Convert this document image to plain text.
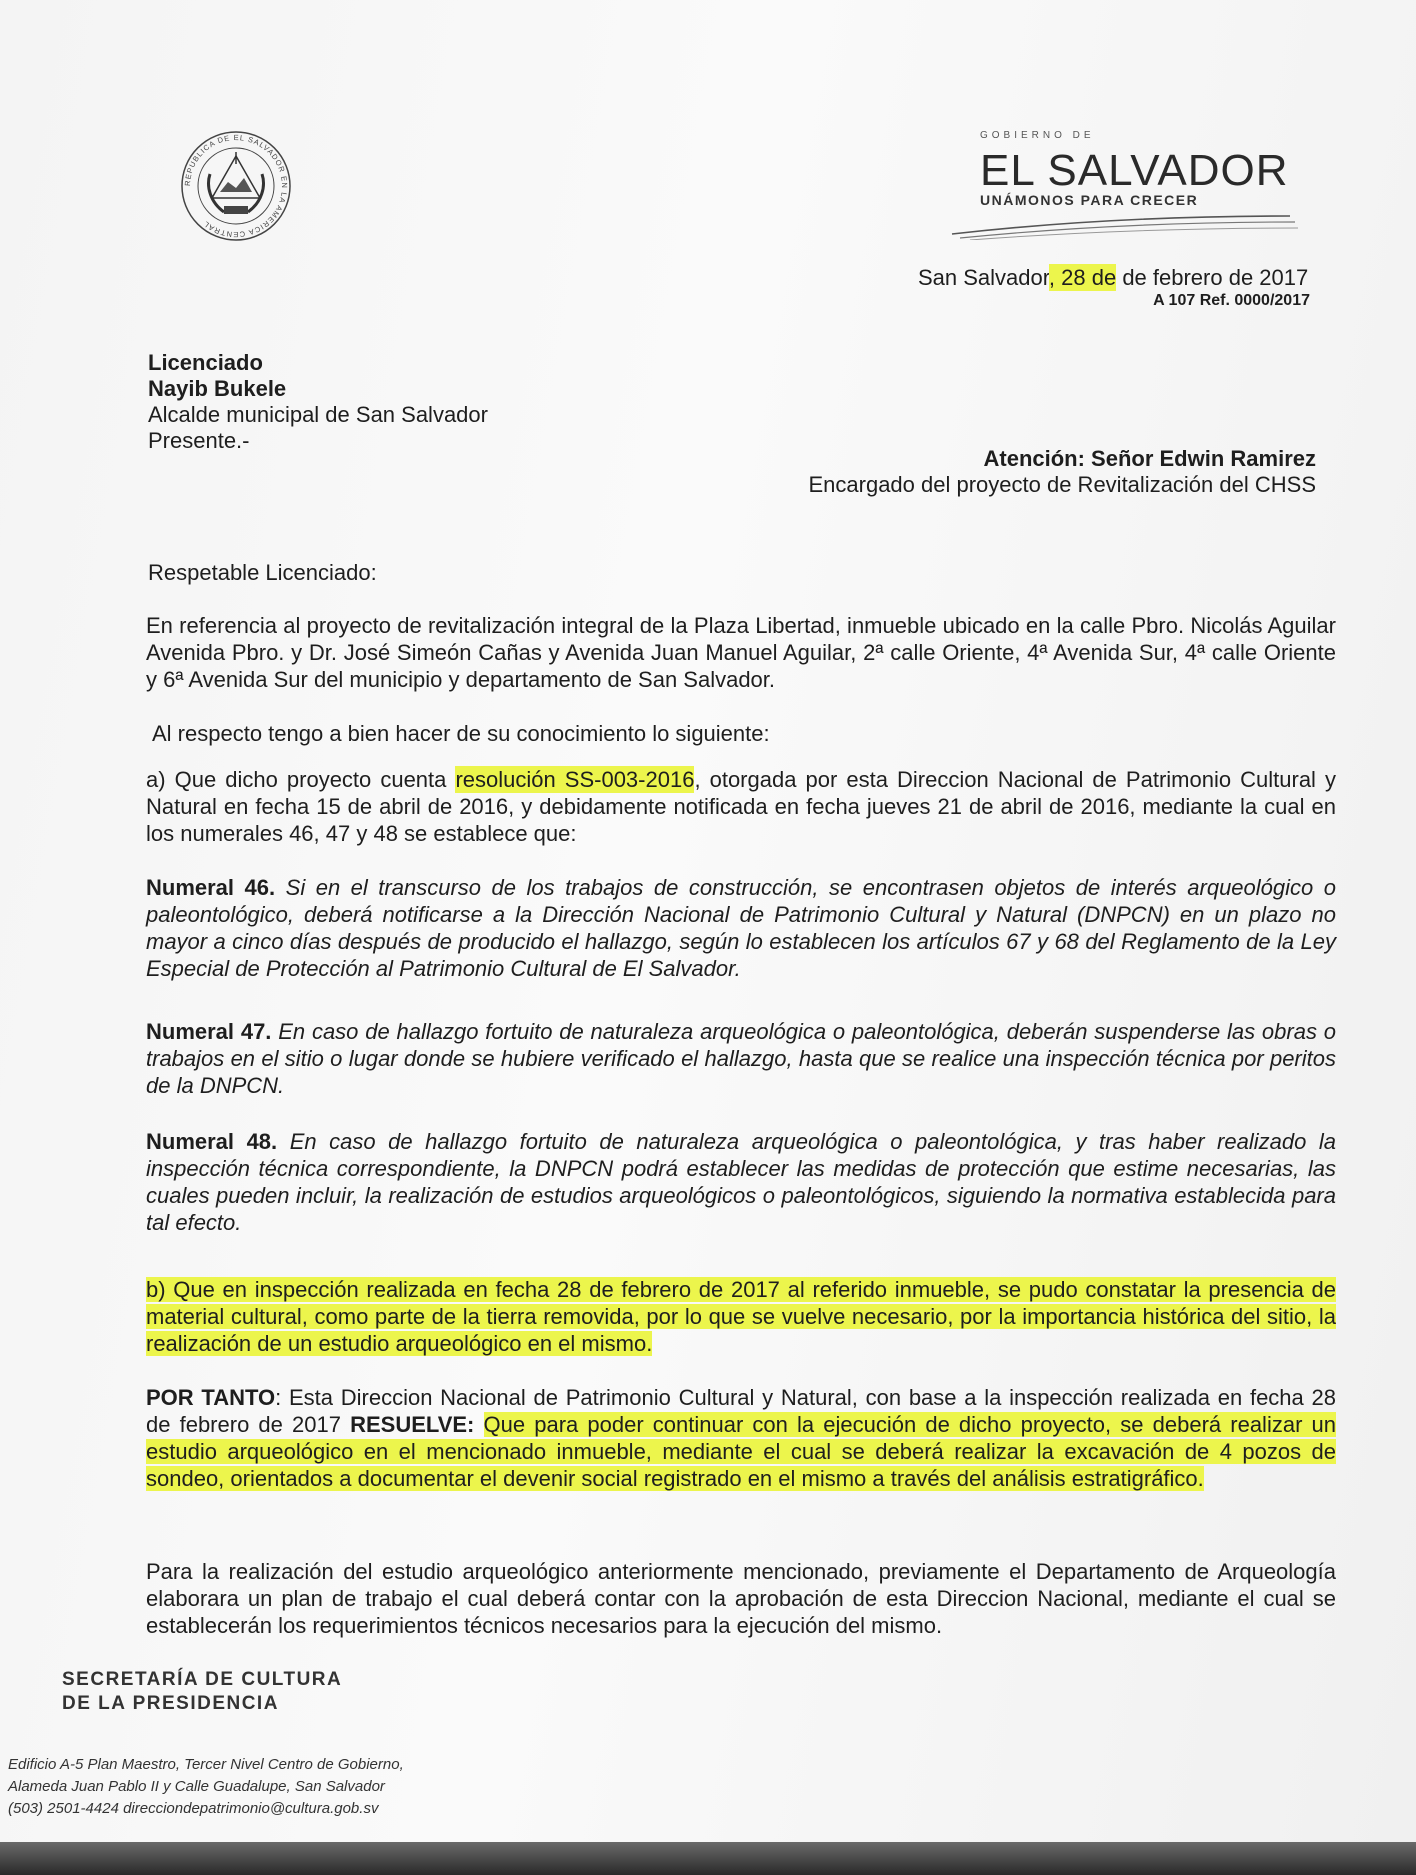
REPUBLICA DE EL SALVADOR EN LA AMERICA CENTRAL
GOBIERNO DE
EL SALVADOR
UNÁMONOS PARA CRECER
San Salvador, 28 de de febrero de 2017
A 107 Ref. 0000/2017
Licenciado
Nayib Bukele
Alcalde municipal de San Salvador
Presente.-
Atención: Señor Edwin Ramirez
Encargado del proyecto de Revitalización del CHSS
Respetable Licenciado:
En referencia al proyecto de revitalización integral de la Plaza Libertad, inmueble ubicado en la calle Pbro. Nicolás Aguilar Avenida Pbro. y Dr. José Simeón Cañas y Avenida Juan Manuel Aguilar, 2ª calle Oriente, 4ª Avenida Sur, 4ª calle Oriente y 6ª Avenida Sur del municipio y departamento de San Salvador.
Al respecto tengo a bien hacer de su conocimiento lo siguiente:
a) Que dicho proyecto cuenta resolución SS-003-2016, otorgada por esta Direccion Nacional de Patrimonio Cultural y Natural en fecha 15 de abril de 2016, y debidamente notificada en fecha jueves 21 de abril de 2016, mediante la cual en los numerales 46, 47 y 48 se establece que:
Numeral 46. Si en el transcurso de los trabajos de construcción, se encontrasen objetos de interés arqueológico o paleontológico, deberá notificarse a la Dirección Nacional de Patrimonio Cultural y Natural (DNPCN) en un plazo no mayor a cinco días después de producido el hallazgo, según lo establecen los artículos 67 y 68 del Reglamento de la Ley Especial de Protección al Patrimonio Cultural de El Salvador.
Numeral 47. En caso de hallazgo fortuito de naturaleza arqueológica o paleontológica, deberán suspenderse las obras o trabajos en el sitio o lugar donde se hubiere verificado el hallazgo, hasta que se realice una inspección técnica por peritos de la DNPCN.
Numeral 48. En caso de hallazgo fortuito de naturaleza arqueológica o paleontológica, y tras haber realizado la inspección técnica correspondiente, la DNPCN podrá establecer las medidas de protección que estime necesarias, las cuales pueden incluir, la realización de estudios arqueológicos o paleontológicos, siguiendo la normativa establecida para tal efecto.
b) Que en inspección realizada en fecha 28 de febrero de 2017 al referido inmueble, se pudo constatar la presencia de material cultural, como parte de la tierra removida, por lo que se vuelve necesario, por la importancia histórica del sitio, la realización de un estudio arqueológico en el mismo.
POR TANTO: Esta Direccion Nacional de Patrimonio Cultural y Natural, con base a la inspección realizada en fecha 28 de febrero de 2017 RESUELVE: Que para poder continuar con la ejecución de dicho proyecto, se deberá realizar un estudio arqueológico en el mencionado inmueble, mediante el cual se deberá realizar la excavación de 4 pozos de sondeo, orientados a documentar el devenir social registrado en el mismo a través del análisis estratigráfico.
Para la realización del estudio arqueológico anteriormente mencionado, previamente el Departamento de Arqueología elaborara un plan de trabajo el cual deberá contar con la aprobación de esta Direccion Nacional, mediante el cual se establecerán los requerimientos técnicos necesarios para la ejecución del mismo.
SECRETARÍA DE CULTURA
DE LA PRESIDENCIA
Edificio A-5 Plan Maestro, Tercer Nivel Centro de Gobierno,
Alameda Juan Pablo II y Calle Guadalupe, San Salvador
(503) 2501-4424 direcciondepatrimonio@cultura.gob.sv
